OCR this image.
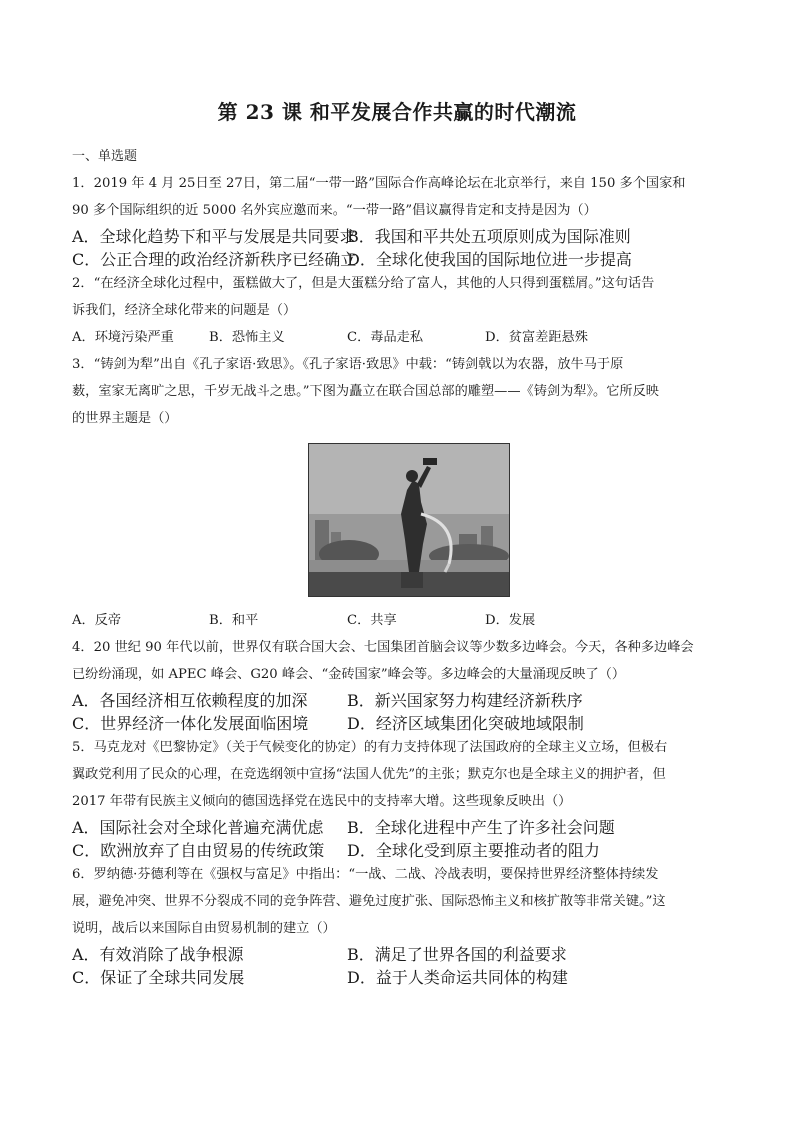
第 23 课 和平发展合作共赢的时代潮流
一、单选题
1．2019 年 4 月 25日至 27日，第二届“一带一路”国际合作高峰论坛在北京举行，来自 150 多个国家和
90 多个国际组织的近 5000 名外宾应邀而来。“一带一路”倡议赢得肯定和支持是因为（）
A．全球化趋势下和平与发展是共同要求
B．我国和平共处五项原则成为国际准则
C．公正合理的政治经济新秩序已经确立
D．全球化使我国的国际地位进一步提高
2．“在经济全球化过程中，蛋糕做大了，但是大蛋糕分给了富人，其他的人只得到蛋糕屑。”这句话告
诉我们，经济全球化带来的问题是（）
A．环境污染严重	B．恐怖主义	C．毒品走私	D．贫富差距悬殊
3．“铸剑为犁”出自《孔子家语·致思》。《孔子家语·致思》中载：“铸剑戟以为农器，放牛马于原
薮，室家无离旷之思，千岁无战斗之患。”下图为矗立在联合国总部的雕塑——《铸剑为犁》。它所反映
的世界主题是（）
A．反帝	B．和平	C．共享	D．发展
4．20 世纪 90 年代以前，世界仅有联合国大会、七国集团首脑会议等少数多边峰会。今天，各种多边峰会
已纷纷涌现，如 APEC 峰会、G20 峰会、“金砖国家”峰会等。多边峰会的大量涌现反映了（）
A．各国经济相互依赖程度的加深	B．新兴国家努力构建经济新秩序
C．世界经济一体化发展面临困境	D．经济区域集团化突破地域限制
5．马克龙对《巴黎协定》（关于气候变化的协定）的有力支持体现了法国政府的全球主义立场，但极右
翼政党利用了民众的心理，在竞选纲领中宣扬“法国人优先”的主张；默克尔也是全球主义的拥护者，但
2017 年带有民族主义倾向的德国选择党在选民中的支持率大增。这些现象反映出（）
A．国际社会对全球化普遍充满优虑	B．全球化进程中产生了许多社会问题
C．欧洲放弃了自由贸易的传统政策	D．全球化受到原主要推动者的阻力
6．罗纳德·芬德利等在《强权与富足》中指出：“一战、二战、冷战表明，要保持世界经济整体持续发
展，避免冲突、世界不分裂成不同的竞争阵营、避免过度扩张、国际恐怖主义和核扩散等非常关键。”这
说明，战后以来国际自由贸易机制的建立（）
A．有效消除了战争根源	B．满足了世界各国的利益要求
C．保证了全球共同发展	D．益于人类命运共同体的构建
